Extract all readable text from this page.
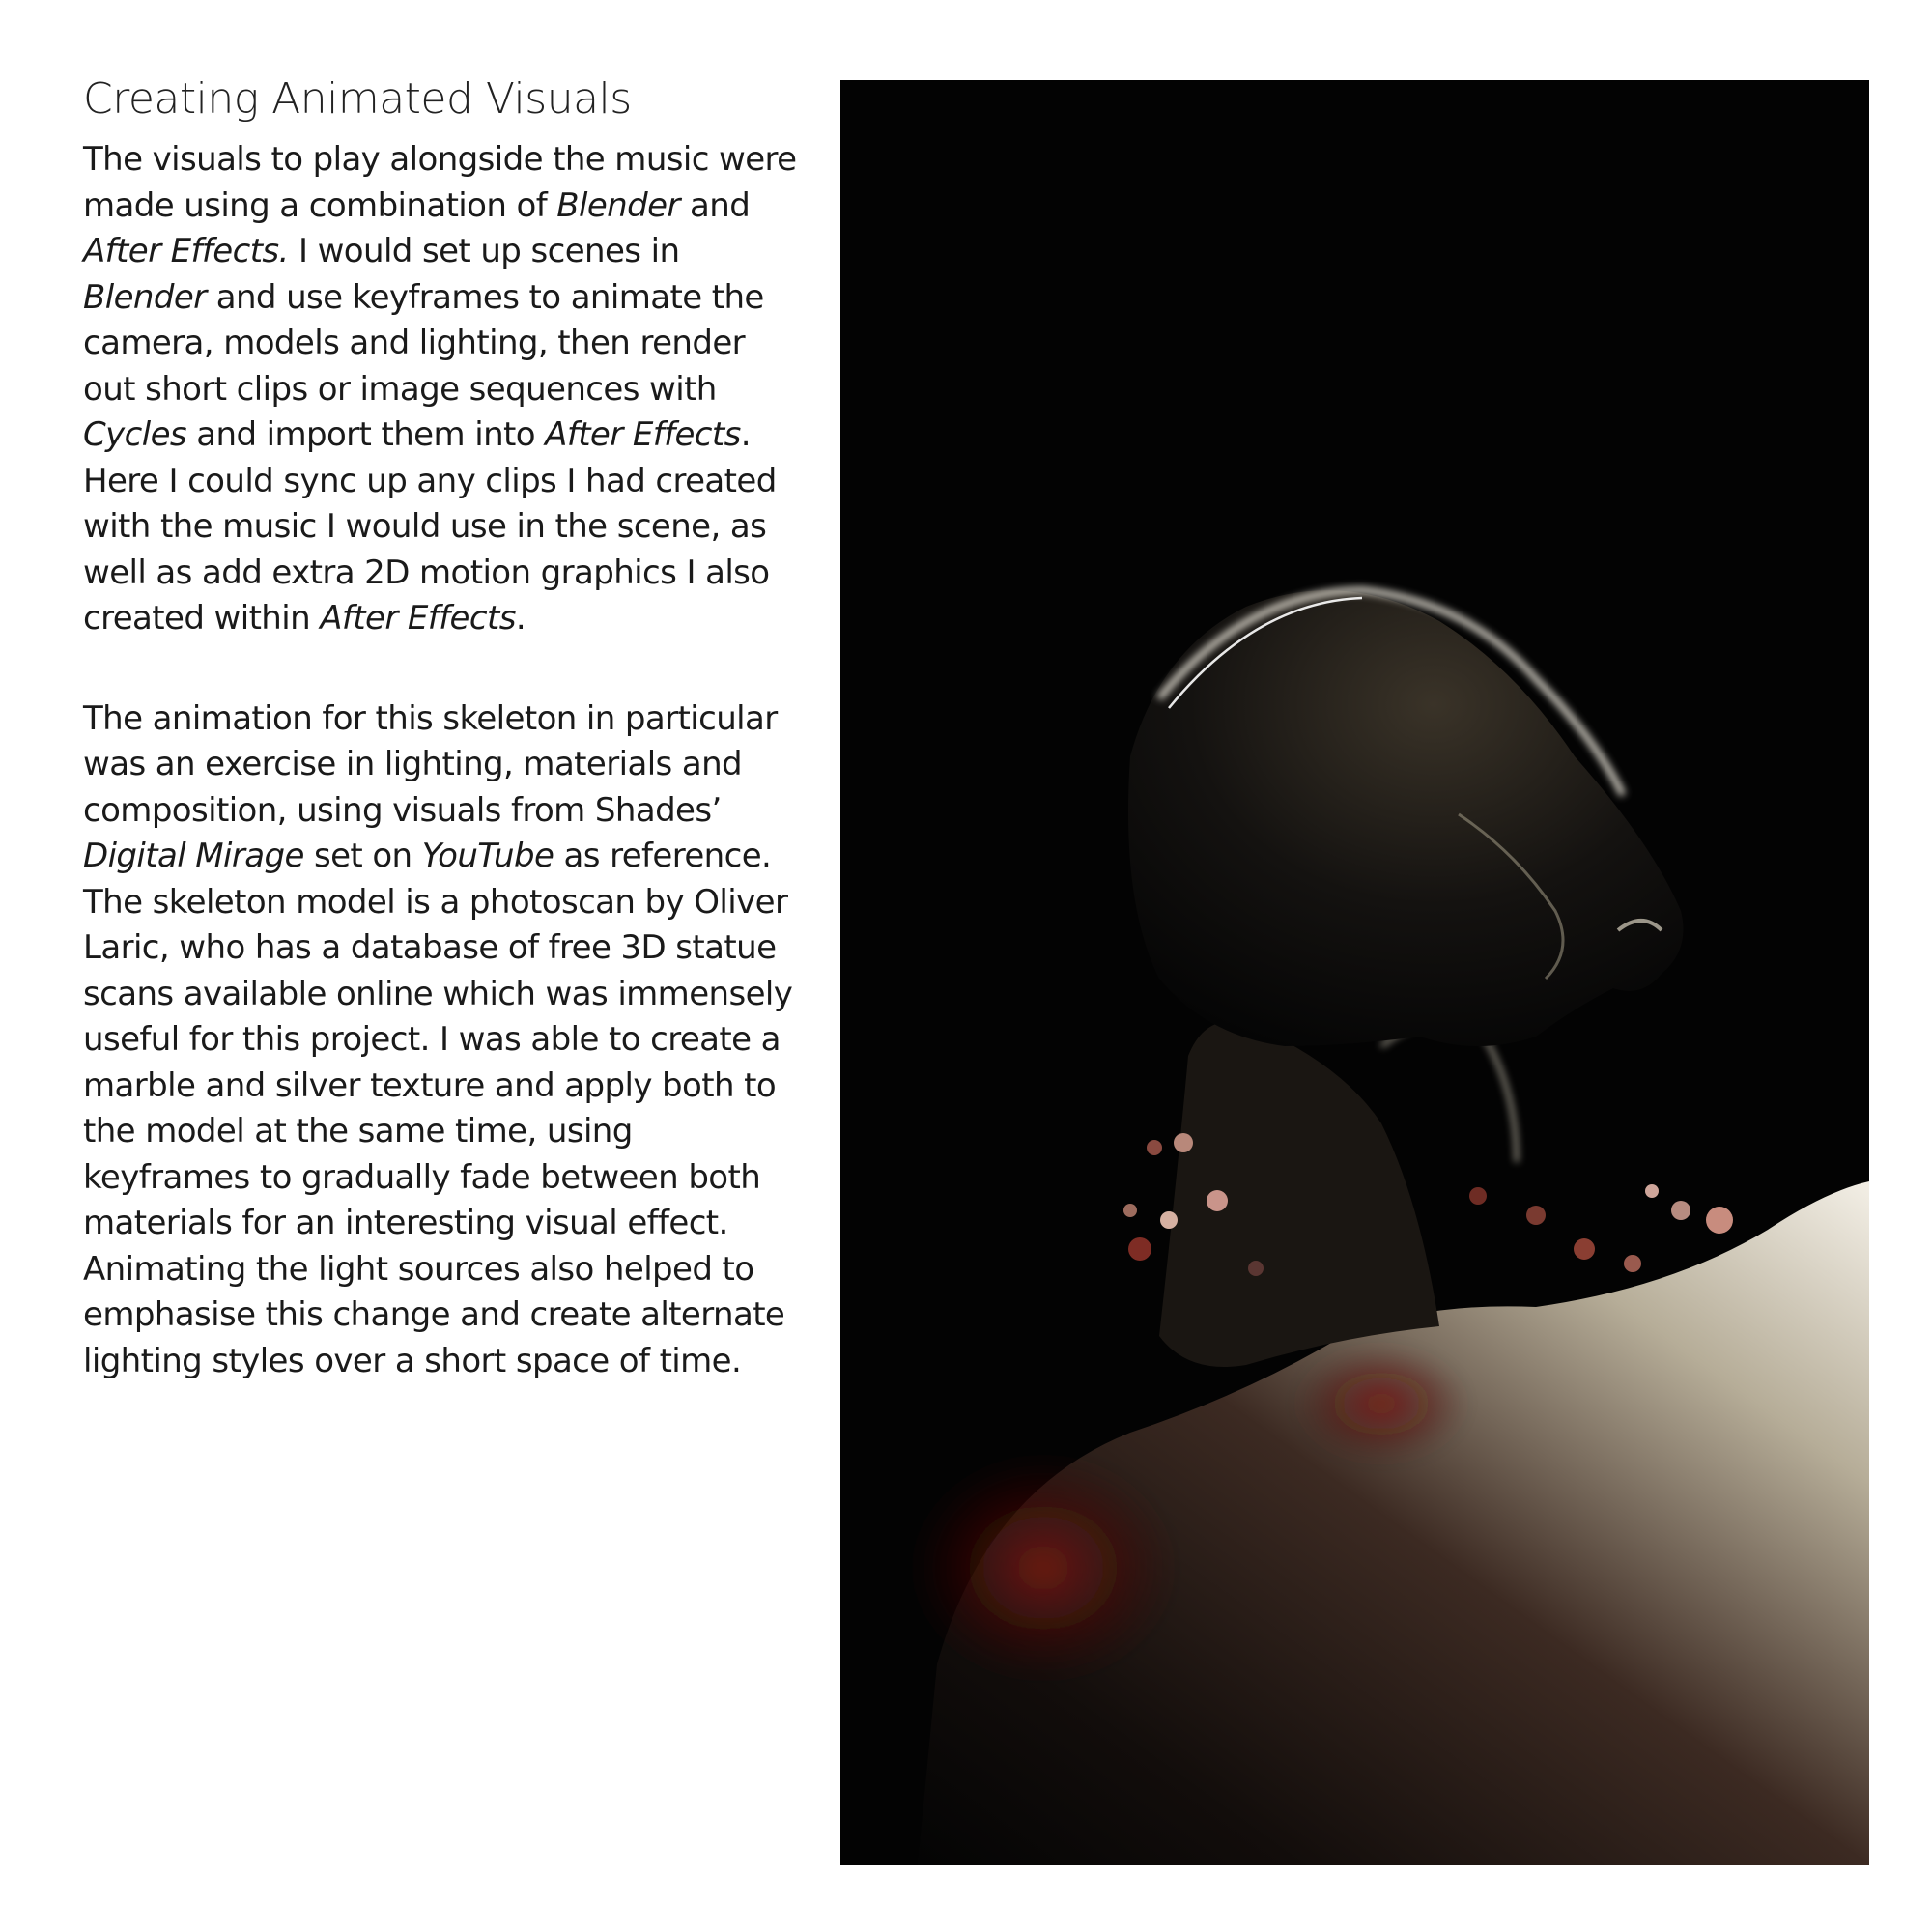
Creating Animated Visuals

The visuals to play alongside the music were made using a combination of Blender and After Effects. I would set up scenes in Blender and use keyframes to animate the camera, models and lighting, then render out short clips or image sequences with Cycles and import them into After Effects. Here I could sync up any clips I had created with the music I would use in the scene, as well as add extra 2D motion graphics I also created within After Effects.

The animation for this skeleton in particular was an exercise in lighting, materials and composition, using visuals from Shades’ Digital Mirage set on YouTube as reference. The skeleton model is a photoscan by Oliver Laric, who has a database of free 3D statue scans available online which was immensely useful for this project. I was able to create a marble and silver texture and apply both to the model at the same time, using keyframes to gradually fade between both materials for an interesting visual effect. Animating the light sources also helped to emphasise this change and create alternate lighting styles over a short space of time.
